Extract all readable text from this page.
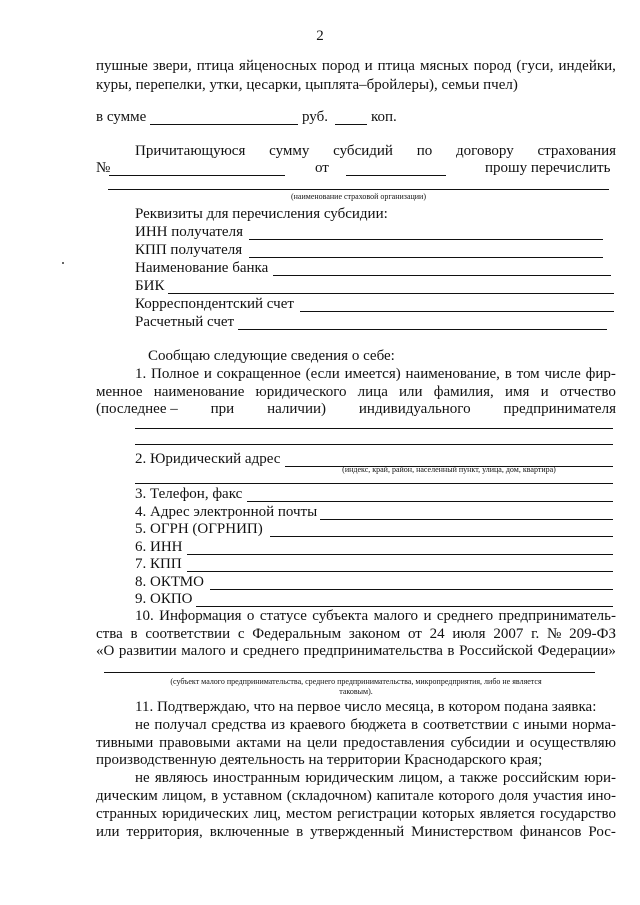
2
пушные звери, птица яйценосных пород и птица мясных пород (гуси, индейки,
куры, перепелки, утки, цесарки, цыплята–бройлеры), семьи пчел)
в сумме	руб.	коп.
Причитающуюся сумму субсидий по договору страхования
№	от	прошу перечислить
(наименование страховой организации)
Реквизиты для перечисления субсидии:
ИНН получателя
КПП получателя
Наименование банка
БИК
Корреспондентский счет
Расчетный счет
Сообщаю следующие сведения о себе:
1. Полное и сокращенное (если имеется) наименование, в том числе фир-
менное наименование юридического лица или фамилия, имя и отчество
(последнее – при наличии) индивидуального предпринимателя
2. Юридический адрес
(индекс, край, район, населенный пункт, улица, дом, квартира)
3. Телефон, факс
4. Адрес электронной почты
5. ОГРН (ОГРНИП)
6. ИНН
7. КПП
8. ОКТМО
9. ОКПО
10. Информация о статусе субъекта малого и среднего предприниматель-
ства в соответствии с Федеральным законом от 24 июля 2007 г. № 209-ФЗ
«О развитии малого и среднего предпринимательства в Российской Федерации»
(субъект малого предпринимательства, среднего предпринимательства, микропредприятия, либо не является
таковым).
11. Подтверждаю, что на первое число месяца, в котором подана заявка:
не получал средства из краевого бюджета в соответствии с иными норма-
тивными правовыми актами на цели предоставления субсидии и осуществляю
производственную деятельность на территории Краснодарского края;
не являюсь иностранным юридическим лицом, а также российским юри-
дическим лицом, в уставном (складочном) капитале которого доля участия ино-
странных юридических лиц, местом регистрации которых является государство
или территория, включенные в утвержденный Министерством финансов Рос-
